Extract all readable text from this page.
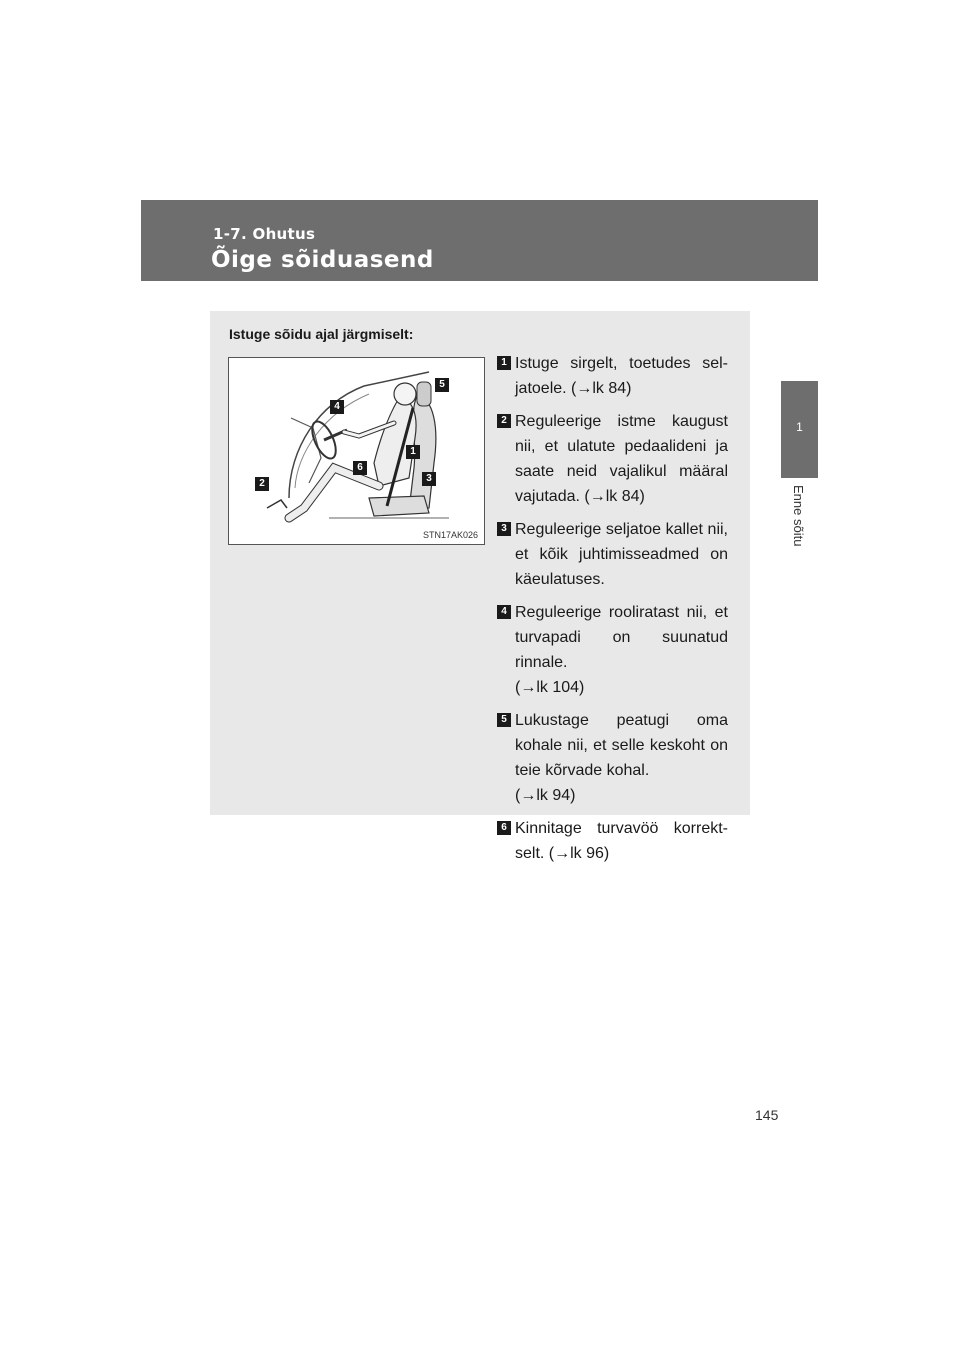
1-7. Ohutus
Õige sõiduasend
1
Enne sõitu
Istuge sõidu ajal järgmiselt:
1
2	3
4
5
6
STN17AK026
1 Istuge sirgelt, toetudes sel-jatoele. (→lk 84)
2 Reguleerige istme kaugust nii, et ulatute pedaalideni ja saate neid vajalikul määral vajutada. (→lk 84)
3 Reguleerige seljatoe kallet nii, et kõik juhtimisseadmed on käeulatuses.
4 Reguleerige rooliratast nii, et turvapadi on suunatud rinnale.
(→lk 104)
5 Lukustage peatugi oma kohale nii, et selle keskoht on teie kõrvade kohal.
(→lk 94)
6 Kinnitage turvavöö korrekt-selt. (→lk 96)
145
